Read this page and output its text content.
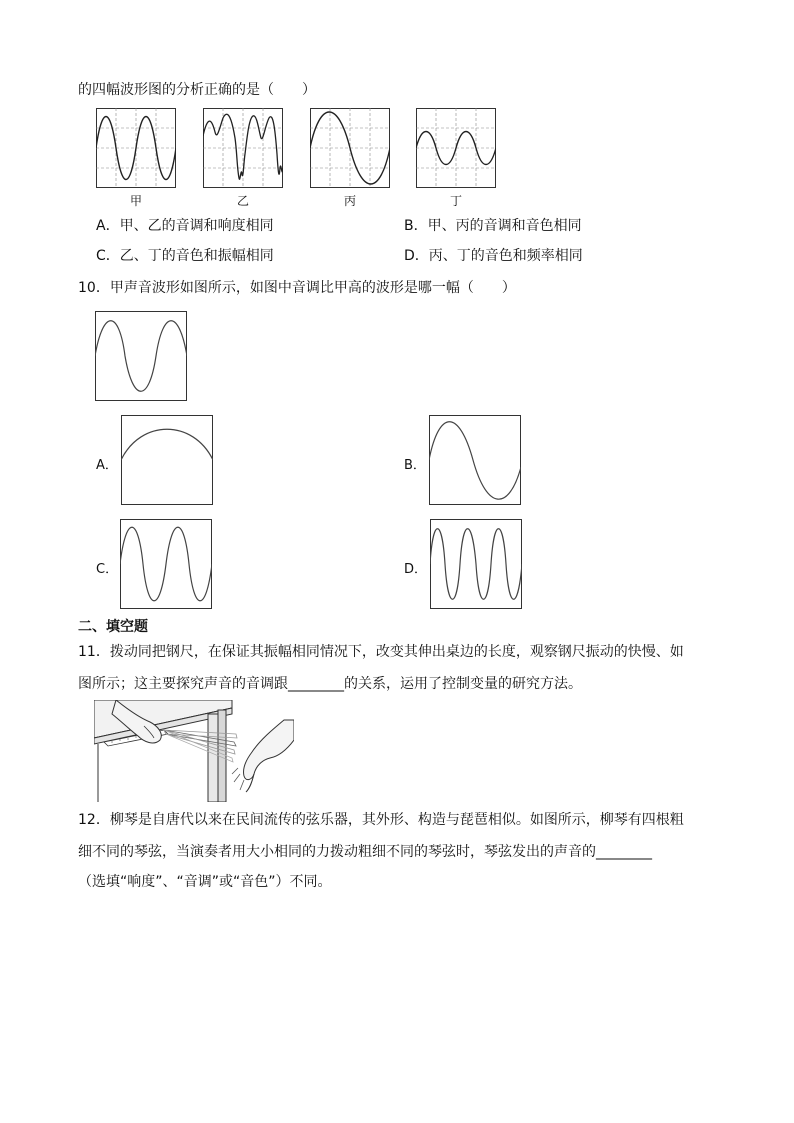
的四幅波形图的分析正确的是（　　）
甲	乙	丙	丁
A．甲、乙的音调和响度相同	B．甲、丙的音调和音色相同
C．乙、丁的音色和振幅相同	D．丙、丁的音色和频率相同
10．甲声音波形如图所示，如图中音调比甲高的波形是哪一幅（　　）
A．	B．
C．	D．
二、填空题
11．拨动同把钢尺，在保证其振幅相同情况下，改变其伸出桌边的长度，观察钢尺振动的快慢、如
图所示；这主要探究声音的音调跟________的关系，运用了控制变量的研究方法。
12．柳琴是自唐代以来在民间流传的弦乐器，其外形、构造与琵琶相似。如图所示，柳琴有四根粗
细不同的琴弦，当演奏者用大小相同的力拨动粗细不同的琴弦时，琴弦发出的声音的________
（选填“响度”、“音调”或“音色”）不同。
